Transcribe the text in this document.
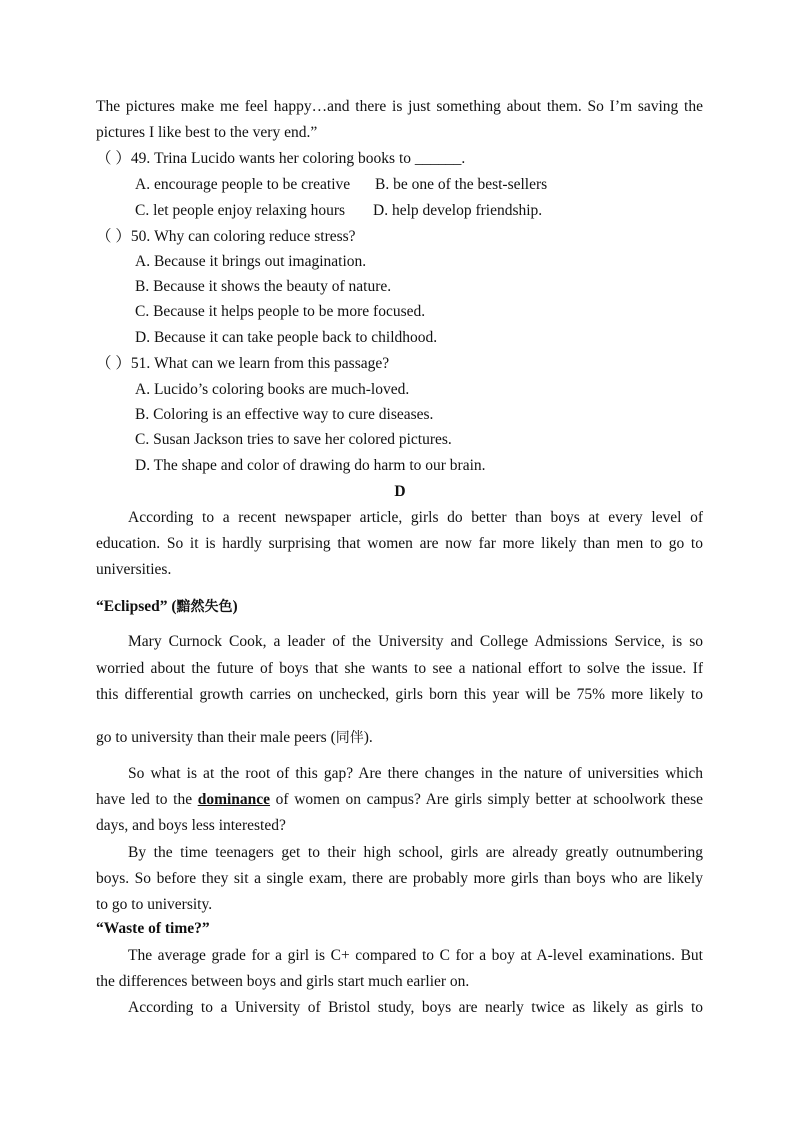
The pictures make me feel happy…and there is just something about them. So I’m saving the
pictures I like best to the very end.”
（ ）49. Trina Lucido wants her coloring books to ______.
A. encourage people to be creative B. be one of the best-sellers
C. let people enjoy relaxing hours D. help develop friendship.
（ ）50. Why can coloring reduce stress?
A. Because it brings out imagination.
B. Because it shows the beauty of nature.
C. Because it helps people to be more focused.
D. Because it can take people back to childhood.
（ ）51. What can we learn from this passage?
A. Lucido’s coloring books are much-loved.
B. Coloring is an effective way to cure diseases.
C. Susan Jackson tries to save her colored pictures.
D. The shape and color of drawing do harm to our brain.
D
According to a recent newspaper article, girls do better than boys at every level of
education. So it is hardly surprising that women are now far more likely than men to go to
universities.
“Eclipsed” (黯然失色)
Mary Curnock Cook, a leader of the University and College Admissions Service, is so
worried about the future of boys that she wants to see a national effort to solve the issue. If
this differential growth carries on unchecked, girls born this year will be 75% more likely to
go to university than their male peers (同伴).
So what is at the root of this gap? Are there changes in the nature of universities which
have led to the dominance of women on campus? Are girls simply better at schoolwork these
days, and boys less interested?
By the time teenagers get to their high school, girls are already greatly outnumbering
boys. So before they sit a single exam, there are probably more girls than boys who are likely
to go to university.
“Waste of time?”
The average grade for a girl is C+ compared to C for a boy at A-level examinations. But
the differences between boys and girls start much earlier on.
According to a University of Bristol study, boys are nearly twice as likely as girls to
